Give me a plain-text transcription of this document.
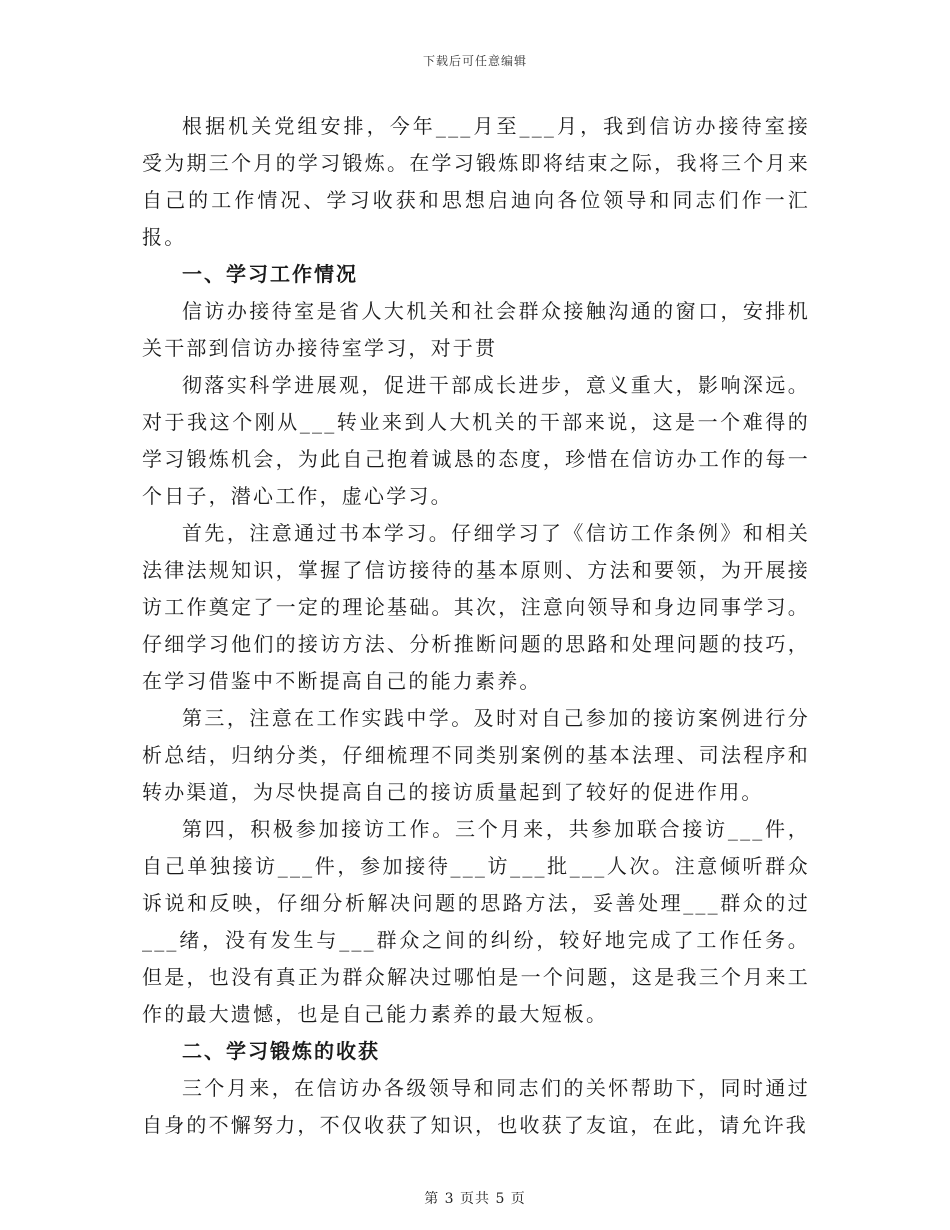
下载后可任意编辑

根据机关党组安排，今年___月至___月，我到信访办接待室接受为期三个月的学习锻炼。在学习锻炼即将结束之际，我将三个月来自己的工作情况、学习收获和思想启迪向各位领导和同志们作一汇报。

一、学习工作情况

信访办接待室是省人大机关和社会群众接触沟通的窗口，安排机关干部到信访办接待室学习，对于贯

彻落实科学进展观，促进干部成长进步，意义重大，影响深远。对于我这个刚从___转业来到人大机关的干部来说，这是一个难得的学习锻炼机会，为此自己抱着诚恳的态度，珍惜在信访办工作的每一个日子，潜心工作，虚心学习。

首先，注意通过书本学习。仔细学习了《信访工作条例》和相关法律法规知识，掌握了信访接待的基本原则、方法和要领，为开展接访工作奠定了一定的理论基础。其次，注意向领导和身边同事学习。仔细学习他们的接访方法、分析推断问题的思路和处理问题的技巧，在学习借鉴中不断提高自己的能力素养。

第三，注意在工作实践中学。及时对自己参加的接访案例进行分析总结，归纳分类，仔细梳理不同类别案例的基本法理、司法程序和转办渠道，为尽快提高自己的接访质量起到了较好的促进作用。

第四，积极参加接访工作。三个月来，共参加联合接访___件，自己单独接访___件，参加接待___访___批___人次。注意倾听群众诉说和反映，仔细分析解决问题的思路方法，妥善处理___群众的过___绪，没有发生与___群众之间的纠纷，较好地完成了工作任务。但是，也没有真正为群众解决过哪怕是一个问题，这是我三个月来工作的最大遗憾，也是自己能力素养的最大短板。

二、学习锻炼的收获

三个月来，在信访办各级领导和同志们的关怀帮助下，同时通过自身的不懈努力，不仅收获了知识，也收获了友谊，在此，请允许我

第 3 页共 5 页
